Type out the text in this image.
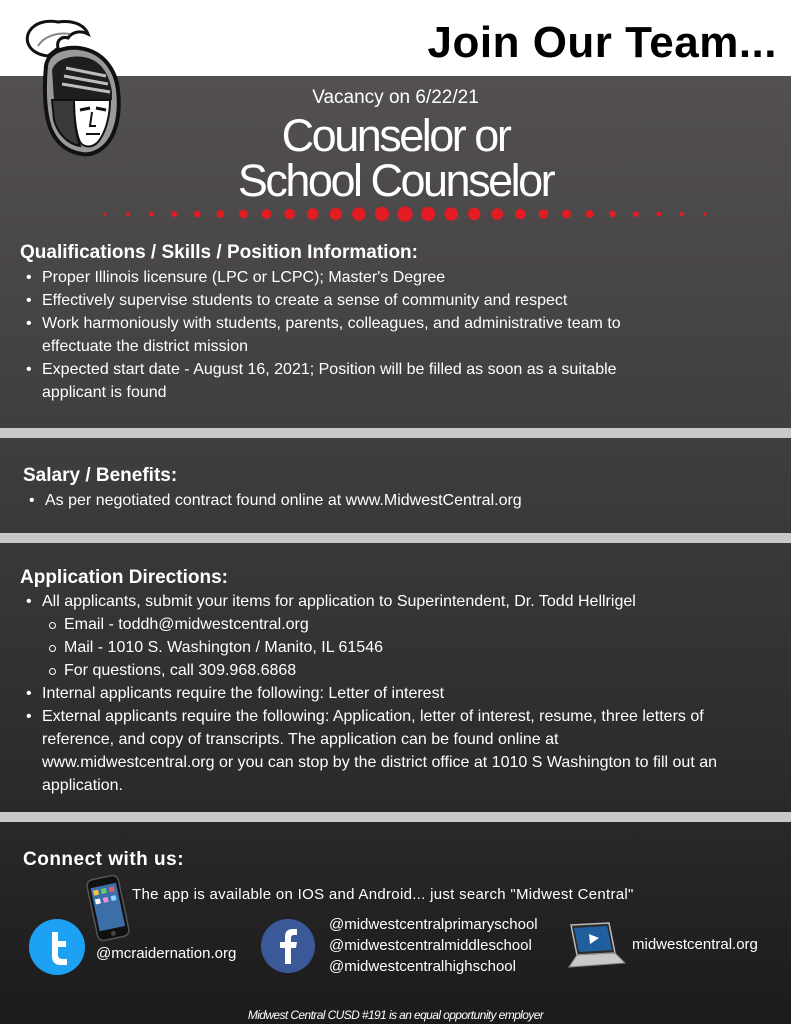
Join Our Team...
Vacancy on 6/22/21
Counselor or
School Counselor
Qualifications / Skills / Position Information:
• Proper Illinois licensure (LPC or LCPC); Master's Degree
• Effectively supervise students to create a sense of community and respect
• Work harmoniously with students, parents, colleagues, and administrative team to effectuate the district mission
• Expected start date - August 16, 2021; Position will be filled as soon as a suitable applicant is found
Salary / Benefits:
• As per negotiated contract found online at www.MidwestCentral.org
Application Directions:
• All applicants, submit your items for application to Superintendent, Dr. Todd Hellrigel
Email - toddh@midwestcentral.org
Mail - 1010 S. Washington / Manito, IL 61546
For questions, call 309.968.6868
• Internal applicants require the following: Letter of interest
• External applicants require the following: Application, letter of interest, resume, three letters of reference, and copy of transcripts. The application can be found online at www.midwestcentral.org or you can stop by the district office at 1010 S Washington to fill out an application.
Connect with us:
The app is available on IOS and Android... just search "Midwest Central"
@mcraidernation.org
@midwestcentralprimaryschool
@midwestcentralmiddleschool
@midwestcentralhighschool
midwestcentral.org
Midwest Central CUSD #191 is an equal opportunity employer
